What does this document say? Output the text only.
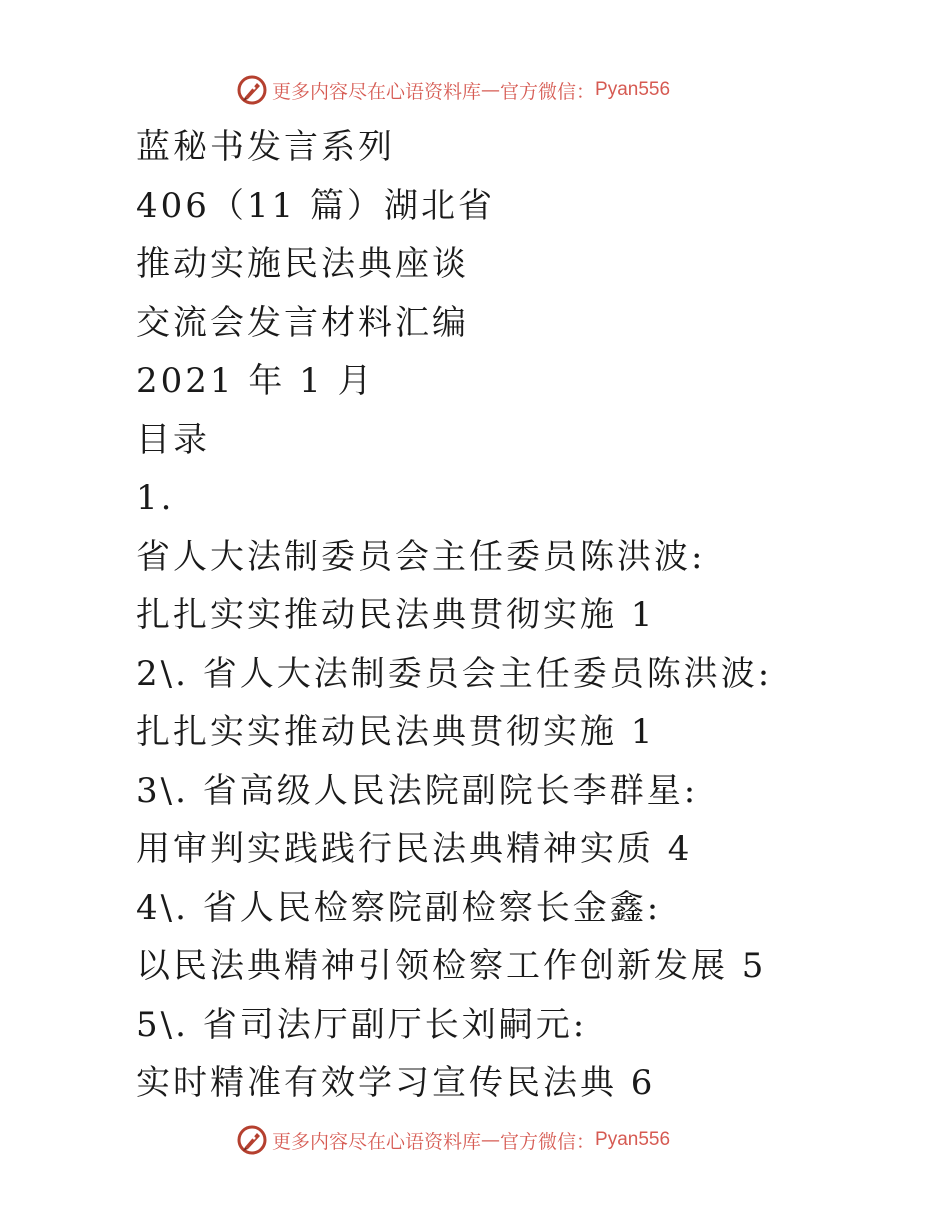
更多内容尽在心语资料库 — 官方微信： Pyan556
蓝秘书发言系列
406（11 篇）湖北省
推动实施民法典座谈
交流会发言材料汇编
2021 年 1 月
目录
1.
省人大法制委员会主任委员陈洪波:
扎扎实实推动民法典贯彻实施 1
2\. 省人大法制委员会主任委员陈洪波:
扎扎实实推动民法典贯彻实施 1
3\. 省高级人民法院副院长李群星:
用审判实践践行民法典精神实质 4
4\. 省人民检察院副检察长金鑫:
以民法典精神引领检察工作创新发展 5
5\. 省司法厅副厅长刘嗣元:
实时精准有效学习宣传民法典 6
更多内容尽在心语资料库 — 官方微信： Pyan556
